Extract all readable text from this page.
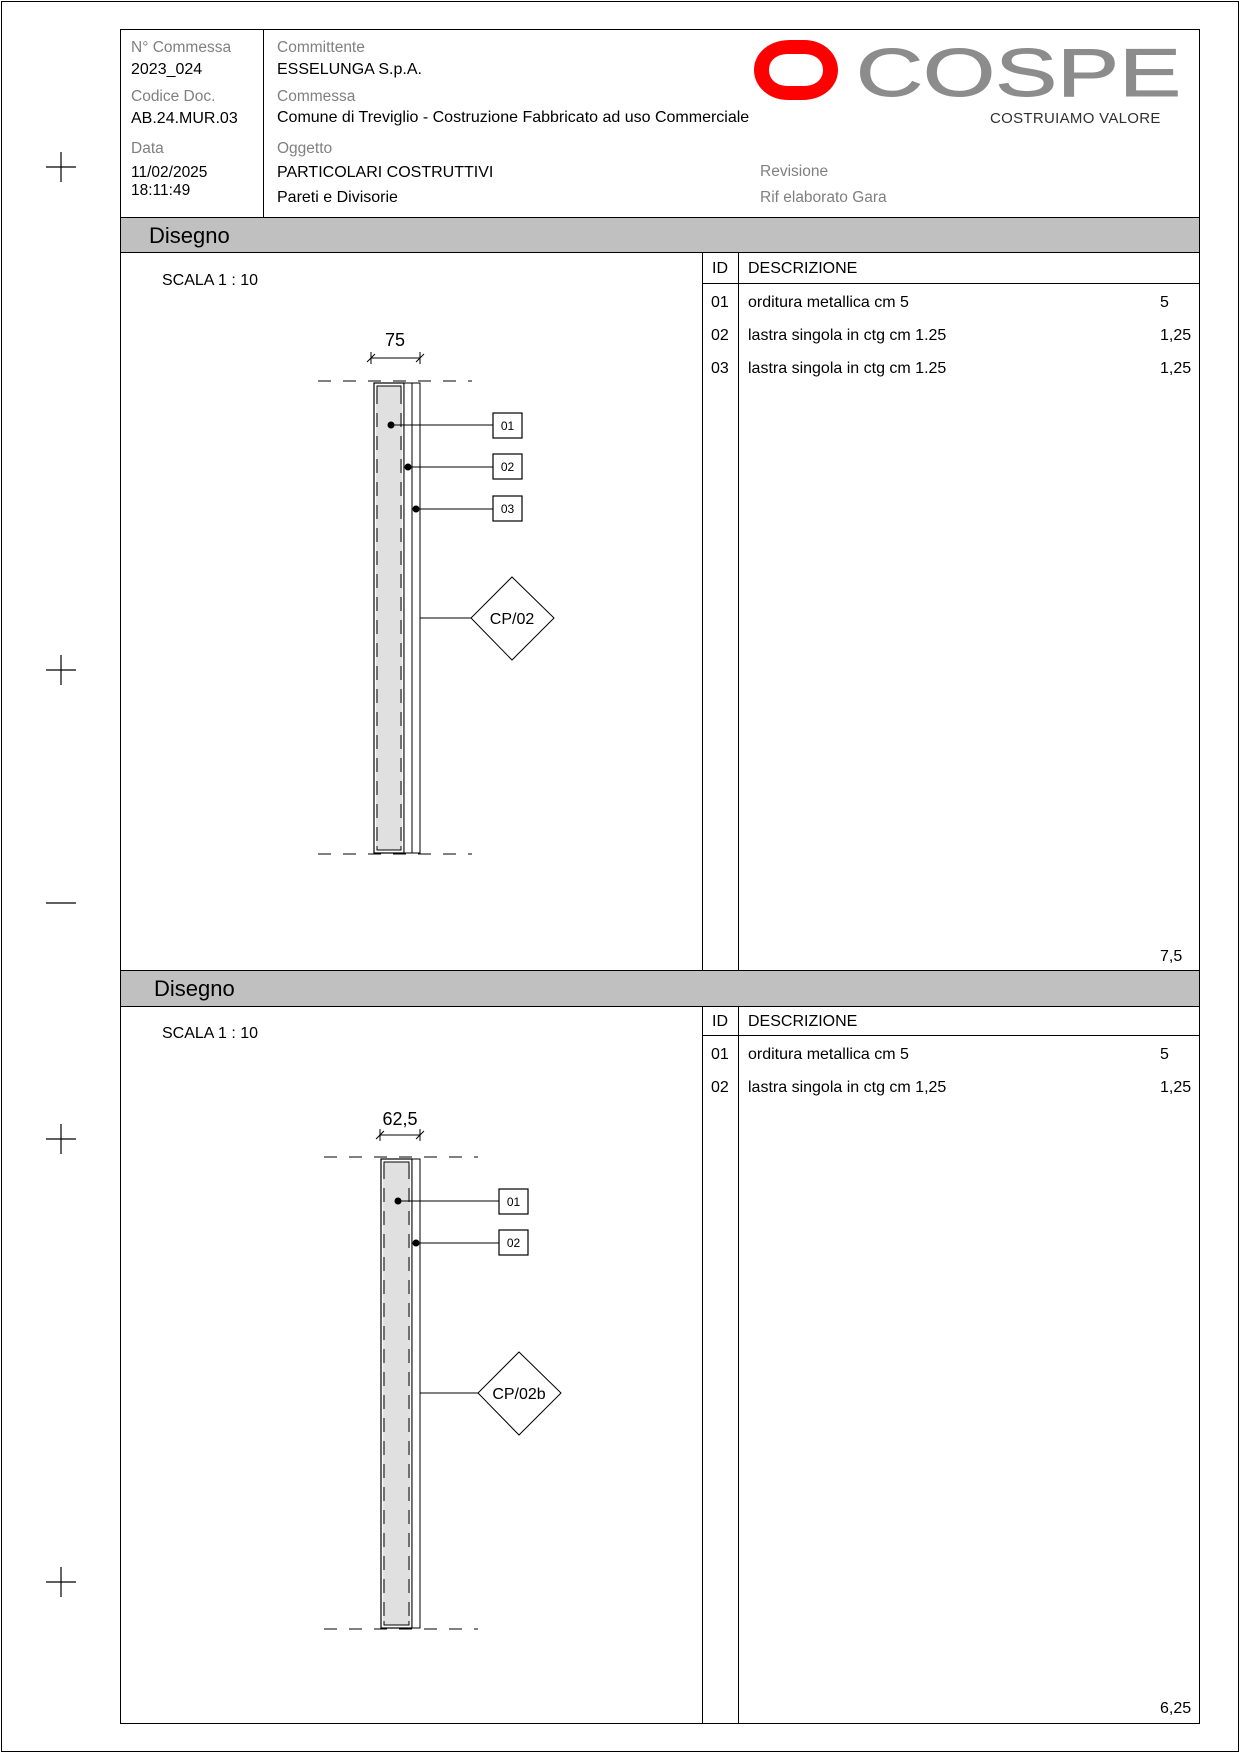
N° Commessa
2023_024
Codice Doc.
AB.24.MUR.03
Data
11/02/2025
18:11:49
Committente
ESSELUNGA S.p.A.
Commessa
Comune di Treviglio - Costruzione Fabbricato ad uso Commerciale
Oggetto
PARTICOLARI COSTRUTTIVI
Pareti e Divisorie
Revisione
Rif elaborato Gara
COSPE
COSTRUIAMO VALORE
Disegno
SCALA 1 : 10
ID DESCRIZIONE
01 orditura metallica cm 5	5
02 lastra singola in ctg cm 1.25	1,25
03 lastra singola in ctg cm 1.25	1,25
7,5
75
01
02
03
CP/02
Disegno
SCALA 1 : 10
ID DESCRIZIONE
01 orditura metallica cm 5	5
02 lastra singola in ctg cm 1,25	1,25
6,25
62,5
01
02
CP/02b
